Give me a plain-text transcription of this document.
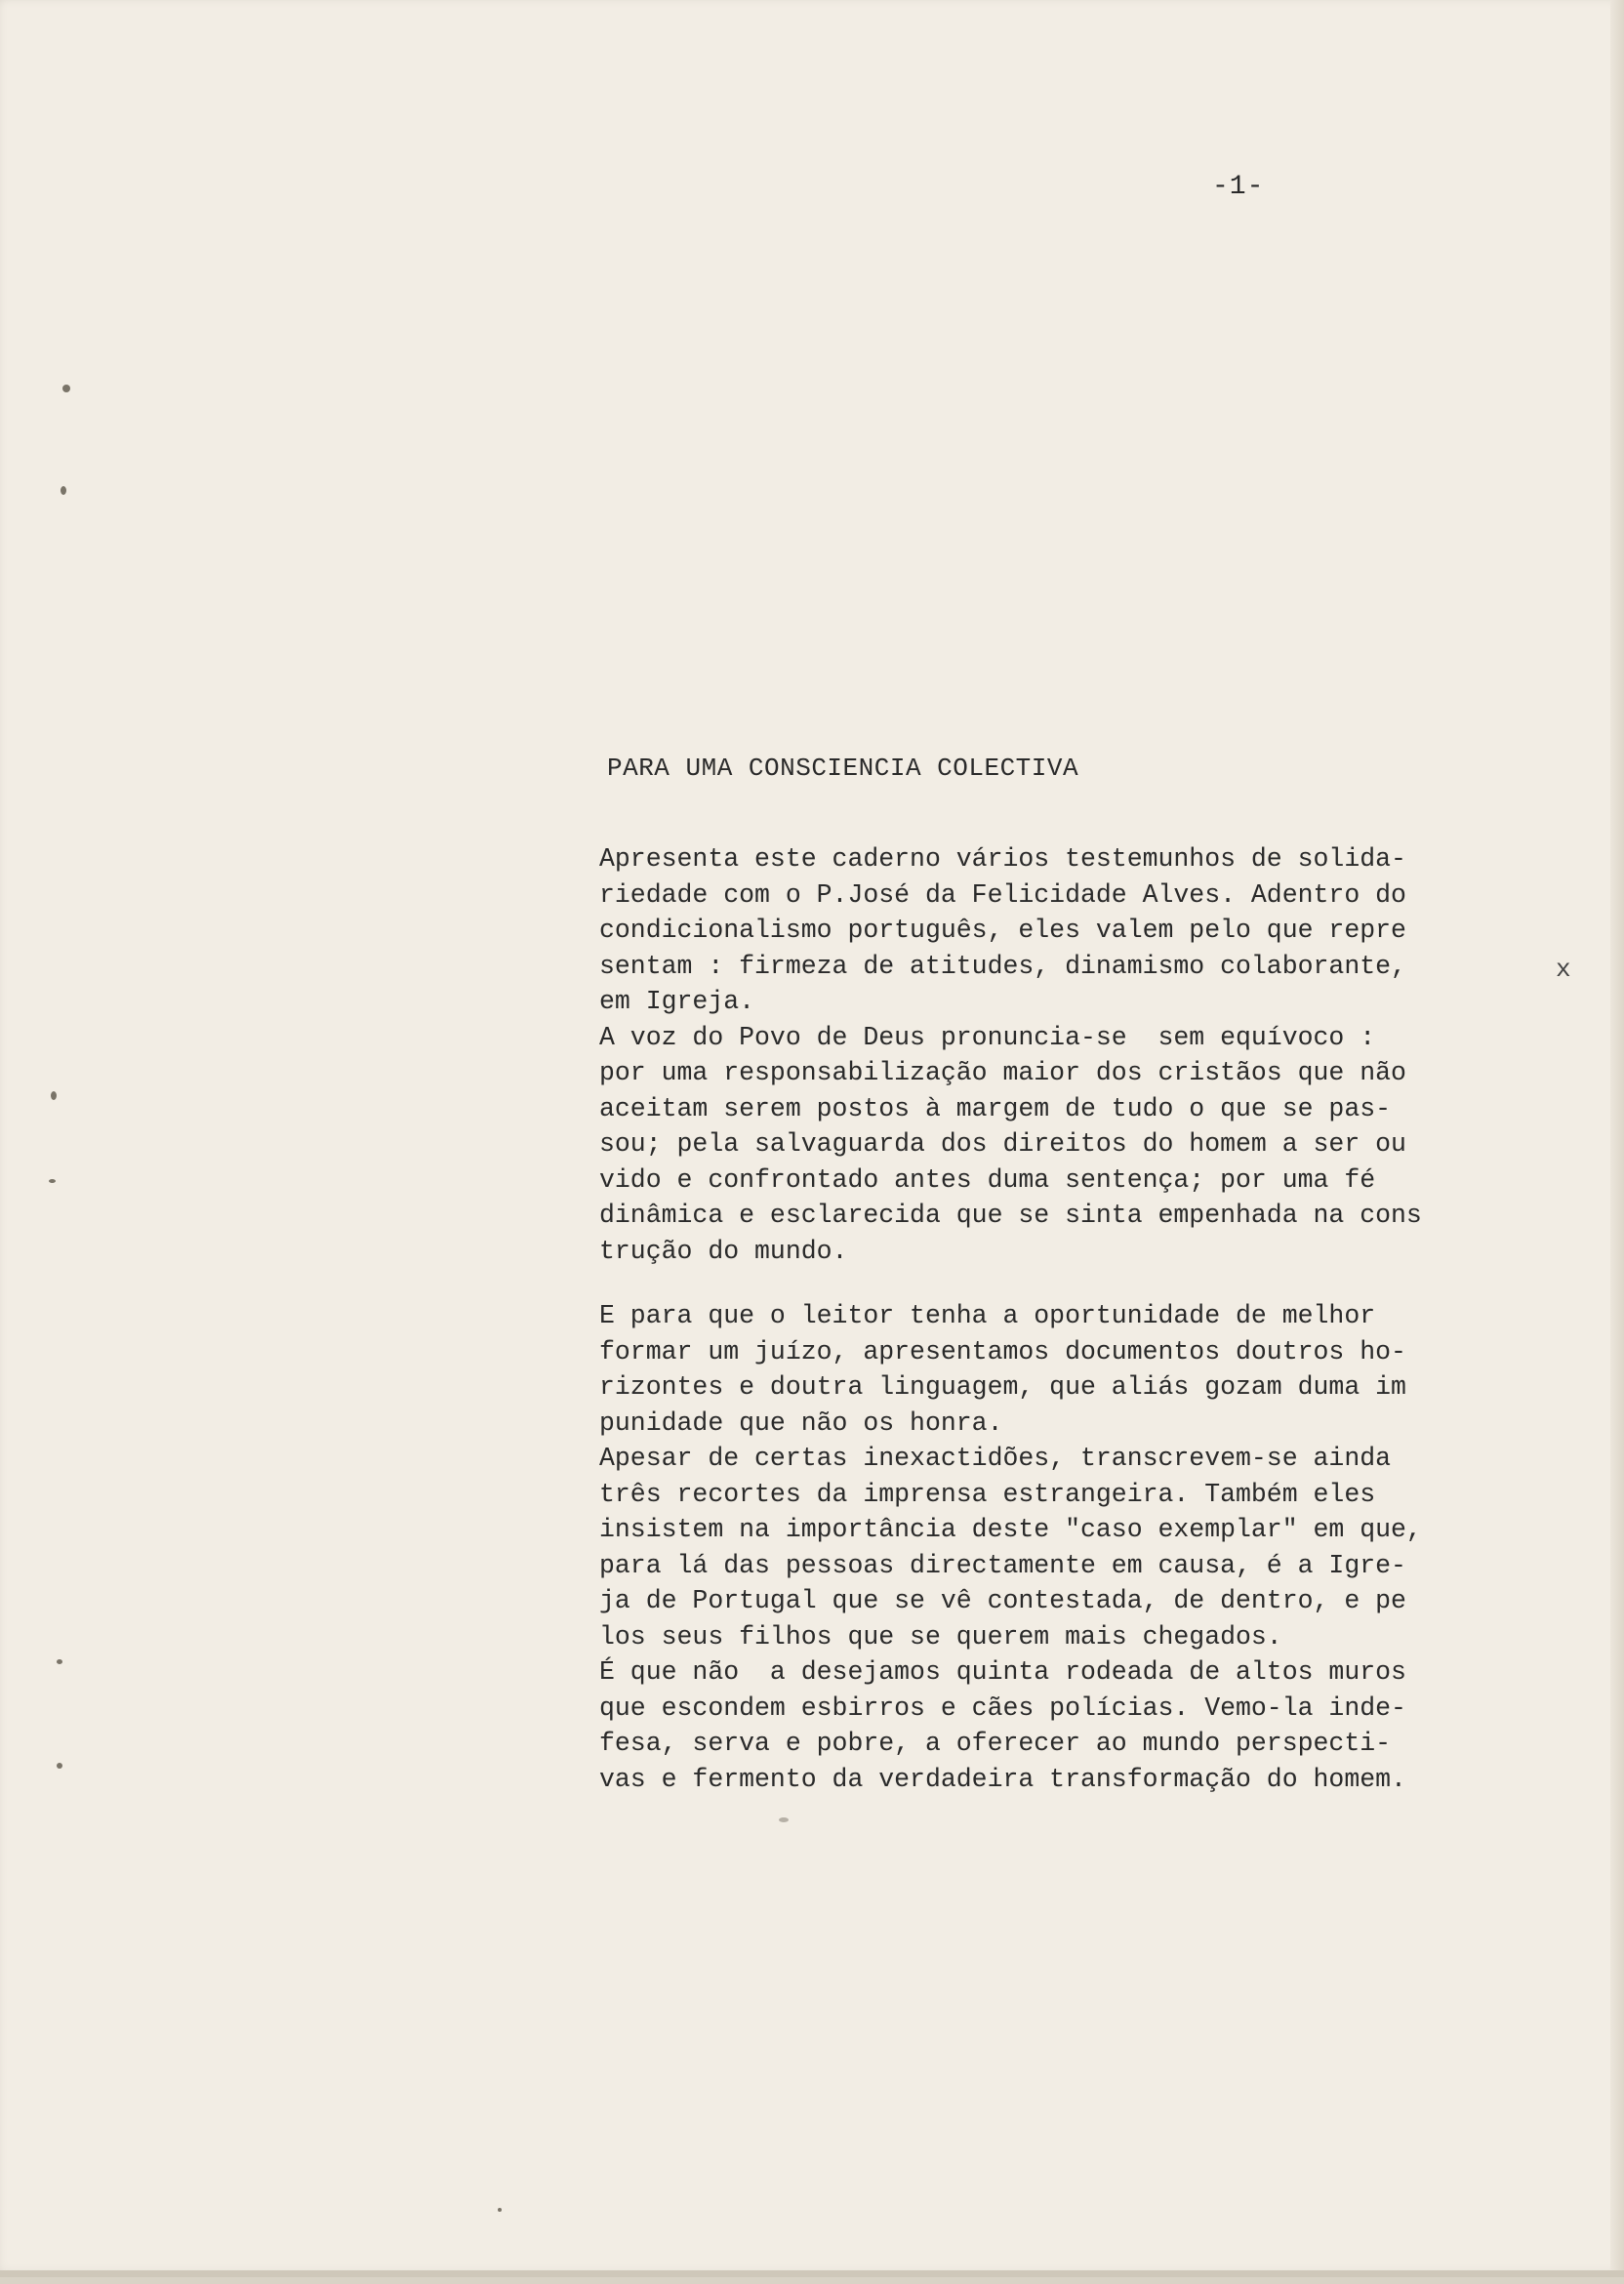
-1-
PARA UMA CONSCIENCIA COLECTIVA
x
Apresenta este caderno vários testemunhos de solida-
riedade com o P.José da Felicidade Alves. Adentro do
condicionalismo português, eles valem pelo que repre
sentam : firmeza de atitudes, dinamismo colaborante,
em Igreja.
A voz do Povo de Deus pronuncia-se  sem equívoco :
por uma responsabilização maior dos cristãos que não
aceitam serem postos à margem de tudo o que se pas-
sou; pela salvaguarda dos direitos do homem a ser ou
vido e confrontado antes duma sentença; por uma fé
dinâmica e esclarecida que se sinta empenhada na cons
trução do mundo.
E para que o leitor tenha a oportunidade de melhor
formar um juízo, apresentamos documentos doutros ho-
rizontes e doutra linguagem, que aliás gozam duma im
punidade que não os honra.
Apesar de certas inexactidões, transcrevem-se ainda
três recortes da imprensa estrangeira. Também eles
insistem na importância deste "caso exemplar" em que,
para lá das pessoas directamente em causa, é a Igre-
ja de Portugal que se vê contestada, de dentro, e pe
los seus filhos que se querem mais chegados.
É que não  a desejamos quinta rodeada de altos muros
que escondem esbirros e cães polícias. Vemo-la inde-
fesa, serva e pobre, a oferecer ao mundo perspecti-
vas e fermento da verdadeira transformação do homem.
